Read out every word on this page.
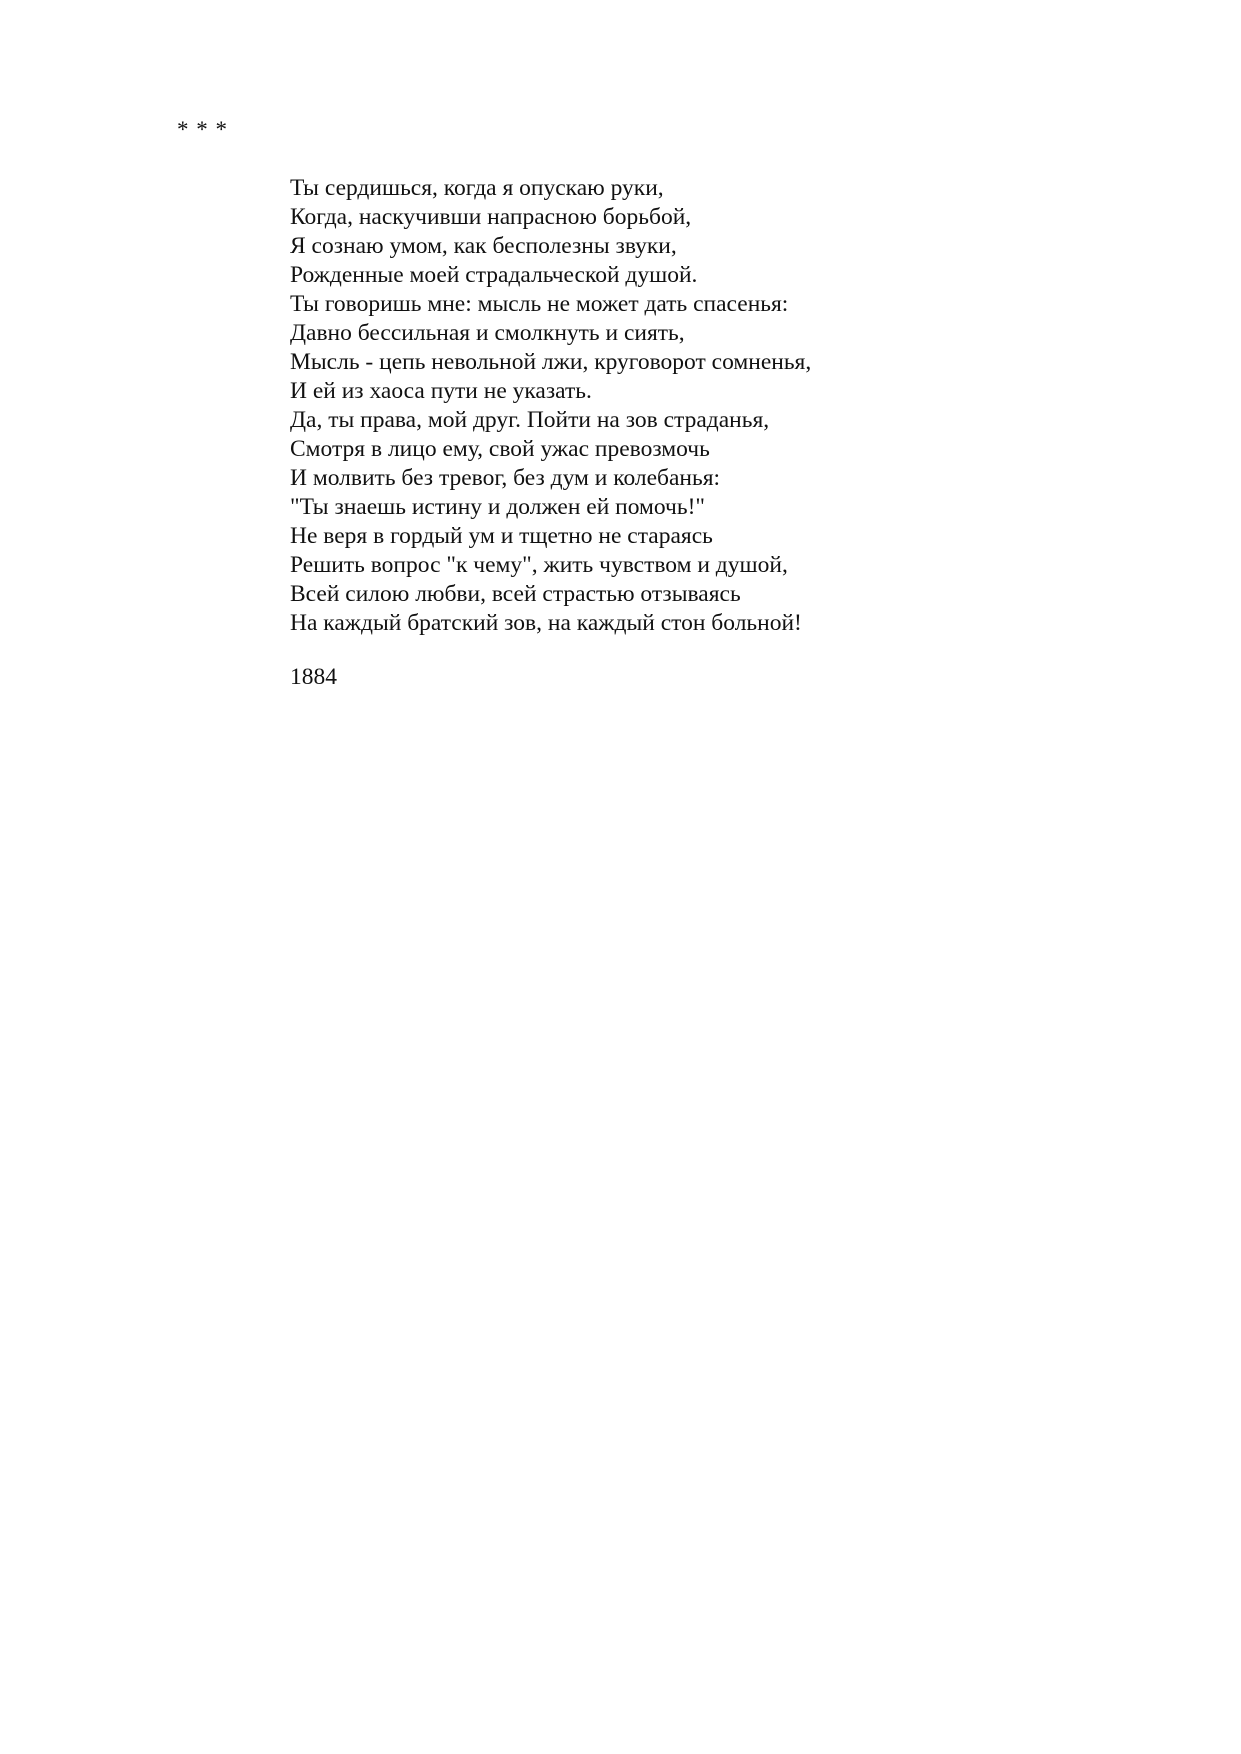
* * *
Ты сердишься, когда я опускаю руки,
Когда, наскучивши напрасною борьбой,
Я сознаю умом, как бесполезны звуки,
Рожденные моей страдальческой душой.
Ты говоришь мне: мысль не может дать спасенья:
Давно бессильная и смолкнуть и сиять,
Мысль - цепь невольной лжи, круговорот сомненья,
И ей из хаоса пути не указать.
Да, ты права, мой друг. Пойти на зов страданья,
Смотря в лицо ему, свой ужас превозмочь
И молвить без тревог, без дум и колебанья:
"Ты знаешь истину и должен ей помочь!"
Не веря в гордый ум и тщетно не стараясь
Решить вопрос "к чему", жить чувством и душой,
Всей силою любви, всей страстью отзываясь
На каждый братский зов, на каждый стон больной!
1884
